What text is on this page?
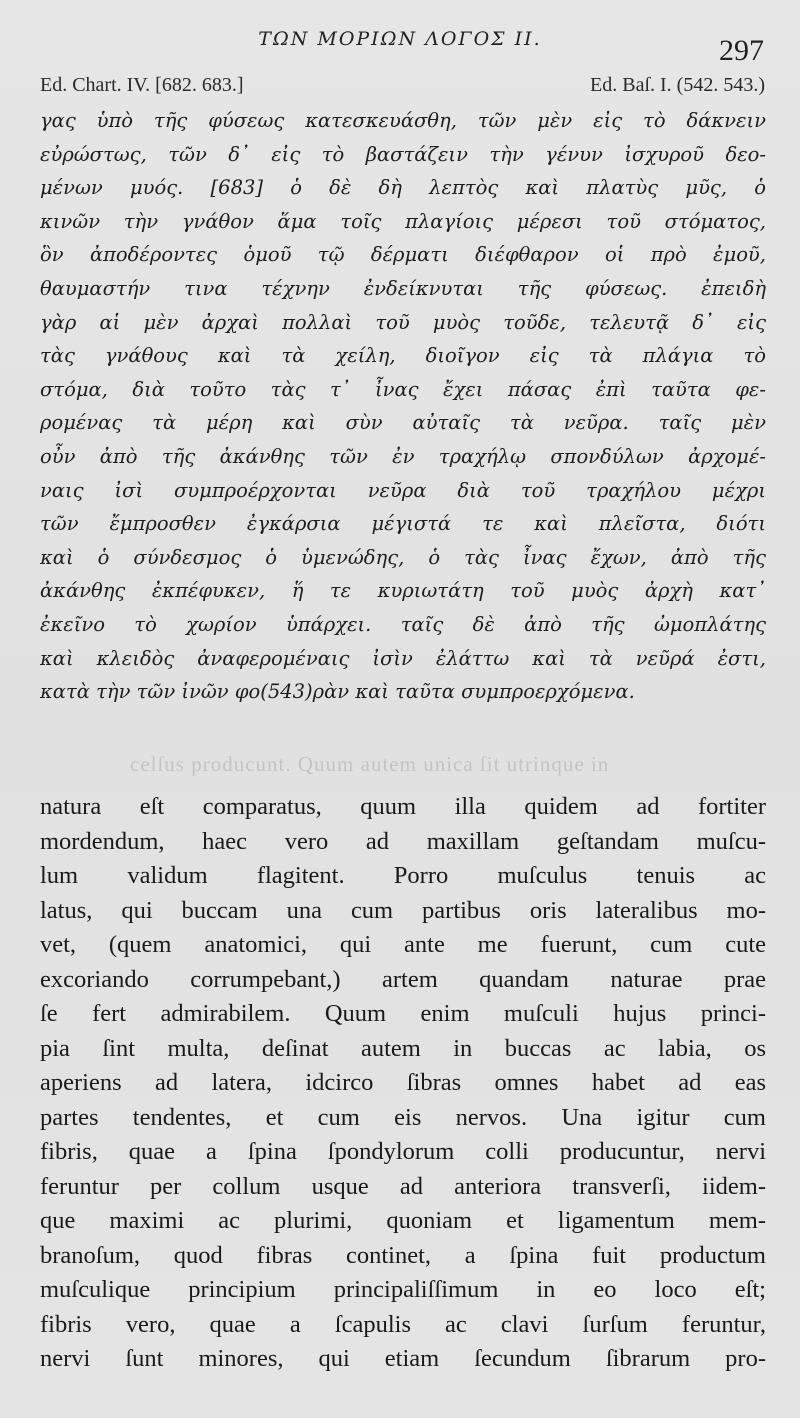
ΤΩΝ ΜΟΡΙΩΝ ΛΟΓΟΣ ΙΙ.	297
Ed. Chart. IV. [682. 683.]	Ed. Baſ. I. (542. 543.)
γας ὑπὸ τῆς φύσεως κατεσκευάσθη, τῶν μὲν εἰς τὸ δάκνειν
εὐρώστως, τῶν δ᾽ εἰς τὸ βαστάζειν τὴν γένυν ἰσχυροῦ δεο-
μένων μυός. [683] ὁ δὲ δὴ λεπτὸς καὶ πλατὺς μῦς, ὁ
κινῶν τὴν γνάθον ἅμα τοῖς πλαγίοις μέρεσι τοῦ στόματος,
ὃν ἀποδέροντες ὁμοῦ τῷ δέρματι διέφθαρον οἱ πρὸ ἐμοῦ,
θαυμαστήν τινα τέχνην ἐνδείκνυται τῆς φύσεως. ἐπειδὴ
γὰρ αἱ μὲν ἀρχαὶ πολλαὶ τοῦ μυὸς τοῦδε, τελευτᾷ δ᾽ εἰς
τὰς γνάθους καὶ τὰ χείλη, διοῖγον εἰς τὰ πλάγια τὸ
στόμα, διὰ τοῦτο τὰς τ᾽ ἶνας ἔχει πάσας ἐπὶ ταῦτα φε-
ρομένας τὰ μέρη καὶ σὺν αὐταῖς τὰ νεῦρα. ταῖς μὲν
οὖν ἀπὸ τῆς ἀκάνθης τῶν ἐν τραχήλῳ σπονδύλων ἀρχομέ-
ναις ἰσὶ συμπροέρχονται νεῦρα διὰ τοῦ τραχήλου μέχρι
τῶν ἔμπροσθεν ἐγκάρσια μέγιστά τε καὶ πλεῖστα, διότι
καὶ ὁ σύνδεσμος ὁ ὑμενώδης, ὁ τὰς ἶνας ἔχων, ἀπὸ τῆς
ἀκάνθης ἐκπέφυκεν, ἥ τε κυριωτάτη τοῦ μυὸς ἀρχὴ κατ᾽
ἐκεῖνο τὸ χωρίον ὑπάρχει. ταῖς δὲ ἀπὸ τῆς ὠμοπλάτης
καὶ κλειδὸς ἀναφερομέναις ἰσὶν ἐλάττω καὶ τὰ νεῦρά ἐστι,
κατὰ τὴν τῶν ἰνῶν φο(543)ρὰν καὶ ταῦτα συμπροερχόμενα.
celſus producunt. Quum autem unica ſit utrinque in
natura eſt comparatus, quum illa quidem ad fortiter
mordendum, haec vero ad maxillam geſtandam muſcu-
lum validum flagitent. Porro muſculus tenuis ac
latus, qui buccam una cum partibus oris lateralibus mo-
vet, (quem anatomici, qui ante me fuerunt, cum cute
excoriando corrumpebant,) artem quandam naturae prae
ſe fert admirabilem. Quum enim muſculi hujus princi-
pia ſint multa, deſinat autem in buccas ac labia, os
aperiens ad latera, idcirco ſibras omnes habet ad eas
partes tendentes, et cum eis nervos. Una igitur cum
fibris, quae a ſpina ſpondylorum colli producuntur, nervi
feruntur per collum usque ad anteriora transverſi, iidem-
que maximi ac plurimi, quoniam et ligamentum mem-
branoſum, quod fibras continet, a ſpina fuit productum
muſculique principium principaliſſimum in eo loco eſt;
fibris vero, quae a ſcapulis ac clavi ſurſum feruntur,
nervi ſunt minores, qui etiam ſecundum ſibrarum pro-
